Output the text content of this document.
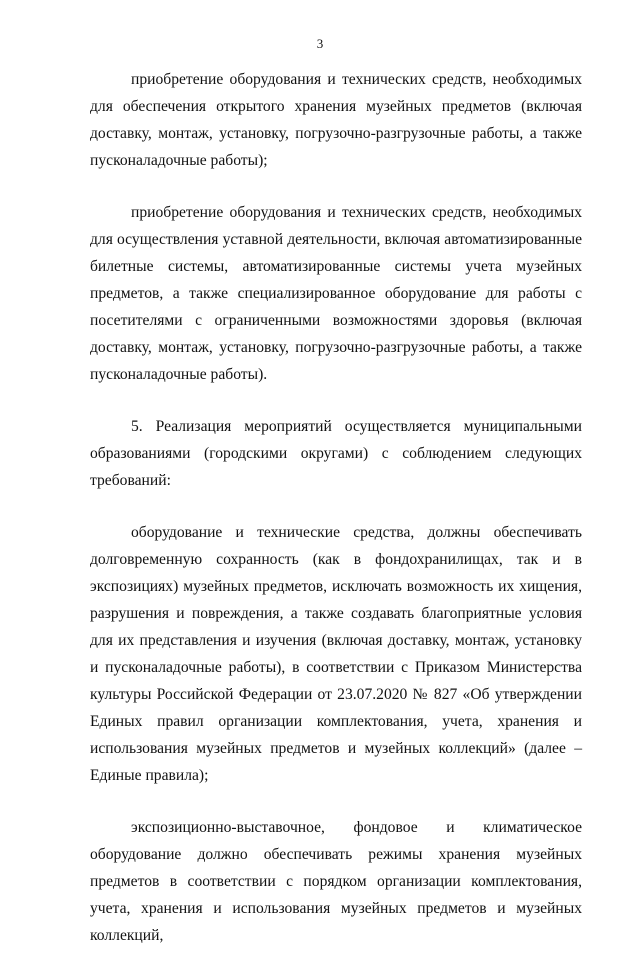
3

приобретение оборудования и технических средств, необходимых для обеспечения открытого хранения музейных предметов (включая доставку, монтаж, установку, погрузочно-разгрузочные работы, а также пусконаладочные работы);

приобретение оборудования и технических средств, необходимых для осуществления уставной деятельности, включая автоматизированные билетные системы, автоматизированные системы учета музейных предметов, а также специализированное оборудование для работы с посетителями с ограниченными возможностями здоровья (включая доставку, монтаж, установку, погрузочно-разгрузочные работы, а также пусконаладочные работы).

5. Реализация мероприятий осуществляется муниципальными образованиями (городскими округами) с соблюдением следующих требований:

оборудование и технические средства, должны обеспечивать долговременную сохранность (как в фондохранилищах, так и в экспозициях) музейных предметов, исключать возможность их хищения, разрушения и повреждения, а также создавать благоприятные условия для их представления и изучения (включая доставку, монтаж, установку и пусконаладочные работы), в соответствии с Приказом Министерства культуры Российской Федерации от 23.07.2020 № 827 «Об утверждении Единых правил организации комплектования, учета, хранения и использования музейных предметов и музейных коллекций» (далее – Единые правила);

экспозиционно-выставочное, фондовое и климатическое оборудование должно обеспечивать режимы хранения музейных предметов в соответствии с порядком организации комплектования, учета, хранения и использования музейных предметов и музейных коллекций,
